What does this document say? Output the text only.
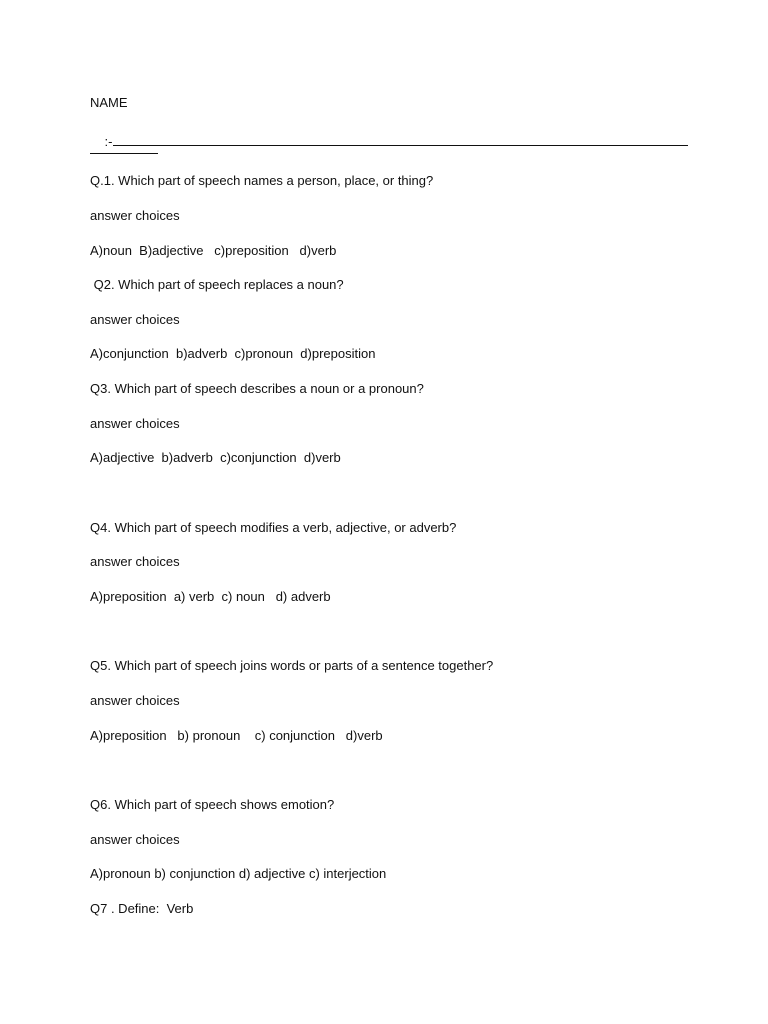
NAME

:-

Q.1. Which part of speech names a person, place, or thing?
answer choices
A)noun  B)adjective   c)preposition   d)verb
Q2. Which part of speech replaces a noun?
answer choices
A)conjunction  b)adverb  c)pronoun  d)preposition
Q3. Which part of speech describes a noun or a pronoun?
answer choices
A)adjective  b)adverb  c)conjunction  d)verb
Q4. Which part of speech modifies a verb, adjective, or adverb?
answer choices
A)preposition  a) verb  c) noun   d) adverb
Q5. Which part of speech joins words or parts of a sentence together?
answer choices
A)preposition   b) pronoun    c) conjunction   d)verb
Q6. Which part of speech shows emotion?
answer choices
A)pronoun b) conjunction d) adjective c) interjection
Q7 . Define:  Verb
